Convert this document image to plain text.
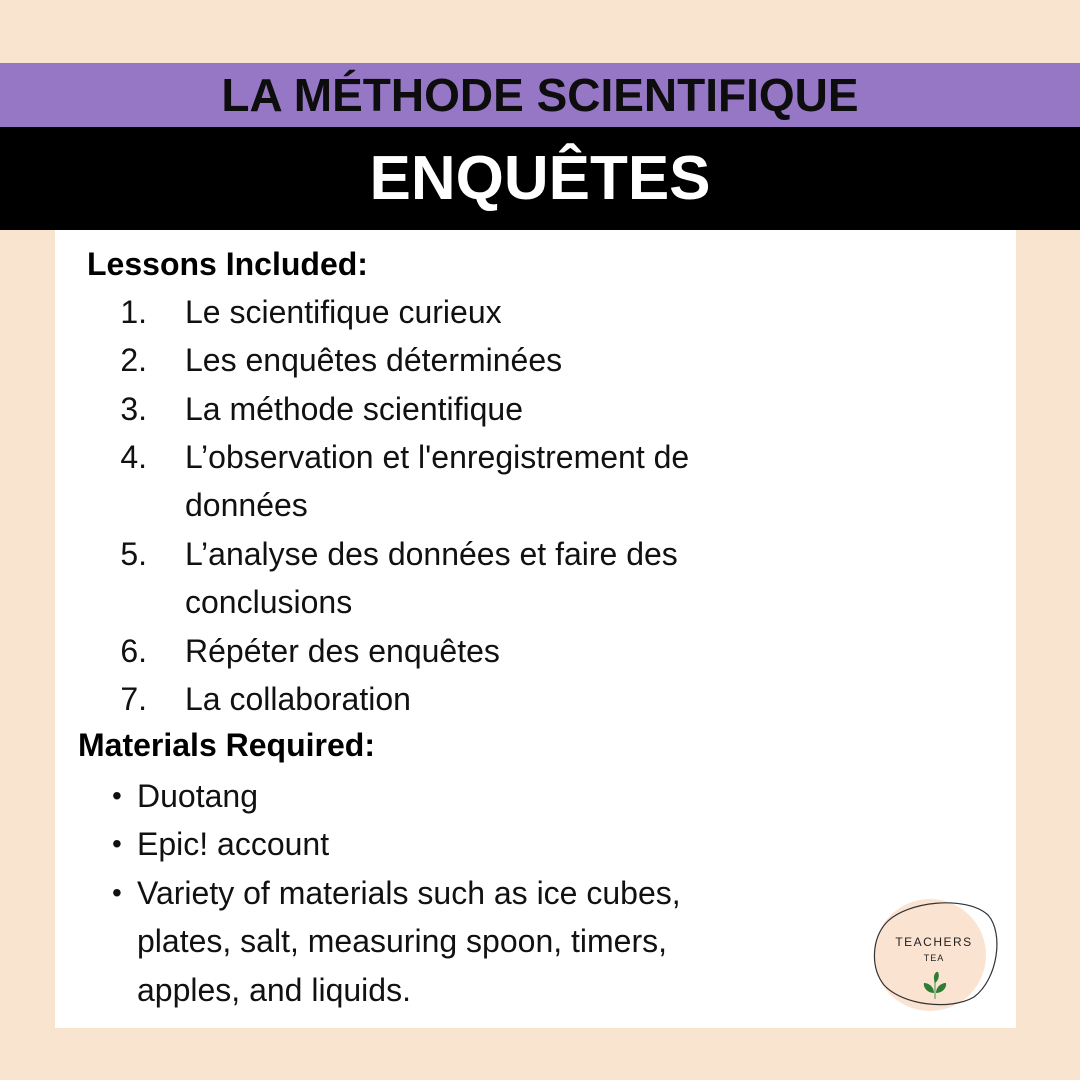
LA MÉTHODE SCIENTIFIQUE
ENQUÊTES
Lessons Included:
1. Le scientifique curieux
2. Les enquêtes déterminées
3. La méthode scientifique
4. L’observation et l'enregistrement de
données
5. L’analyse des données et faire des
conclusions
6. Répéter des enquêtes
7. La collaboration
Materials Required:
• Duotang
• Epic! account
• Variety of materials such as ice cubes,
plates, salt, measuring spoon, timers,
apples, and liquids.
TEACHERS
TEA
